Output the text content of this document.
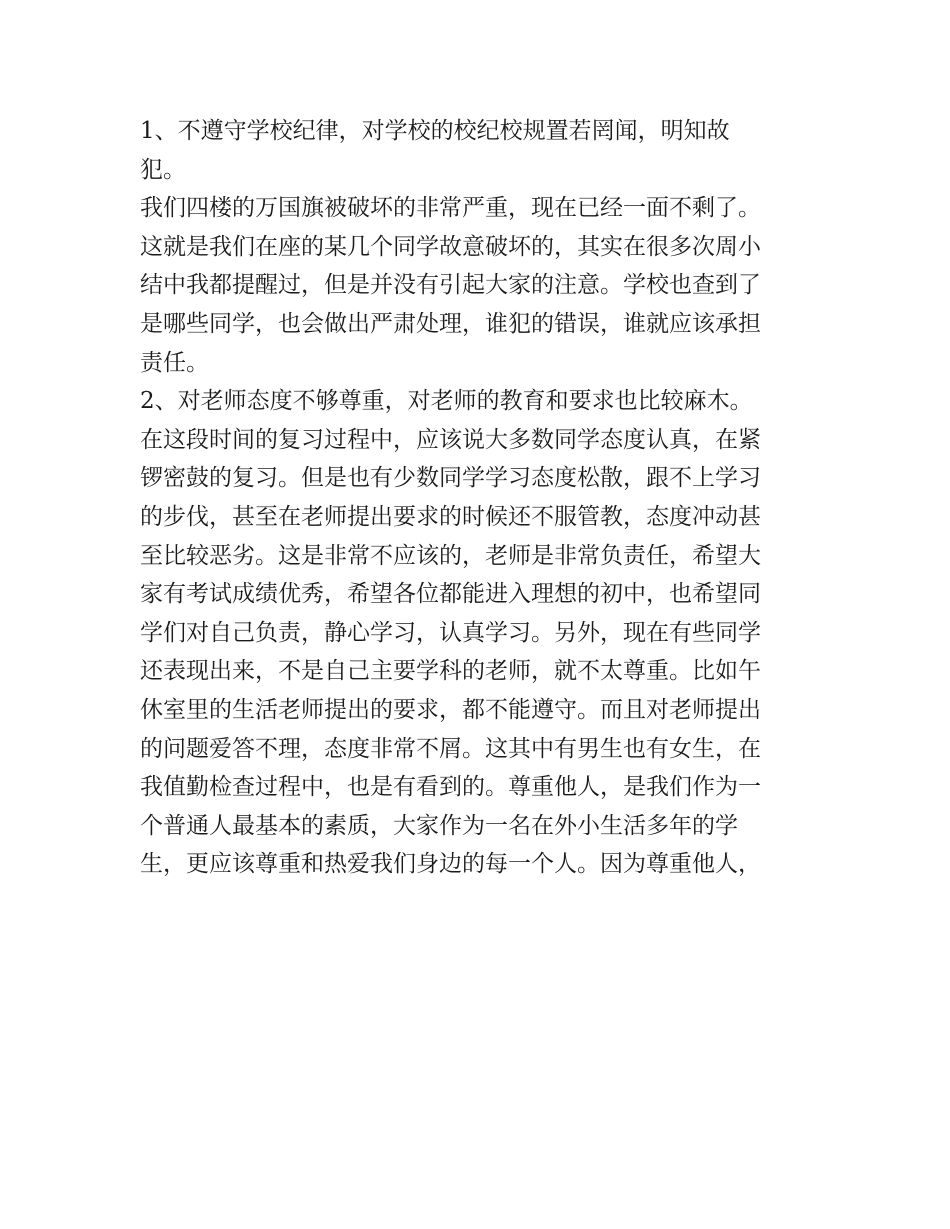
1、不遵守学校纪律，对学校的校纪校规置若罔闻，明知故

犯。

我们四楼的万国旗被破坏的非常严重，现在已经一面不剩了。

这就是我们在座的某几个同学故意破坏的，其实在很多次周小

结中我都提醒过，但是并没有引起大家的注意。学校也查到了

是哪些同学，也会做出严肃处理，谁犯的错误，谁就应该承担

责任。

2、对老师态度不够尊重，对老师的教育和要求也比较麻木。

在这段时间的复习过程中，应该说大多数同学态度认真，在紧

锣密鼓的复习。但是也有少数同学学习态度松散，跟不上学习

的步伐，甚至在老师提出要求的时候还不服管教，态度冲动甚

至比较恶劣。这是非常不应该的，老师是非常负责任，希望大

家有考试成绩优秀，希望各位都能进入理想的初中，也希望同

学们对自己负责，静心学习，认真学习。另外，现在有些同学

还表现出来，不是自己主要学科的老师，就不太尊重。比如午

休室里的生活老师提出的要求，都不能遵守。而且对老师提出

的问题爱答不理，态度非常不屑。这其中有男生也有女生，在

我值勤检查过程中，也是有看到的。尊重他人，是我们作为一

个普通人最基本的素质，大家作为一名在外小生活多年的学

生，更应该尊重和热爱我们身边的每一个人。因为尊重他人，
